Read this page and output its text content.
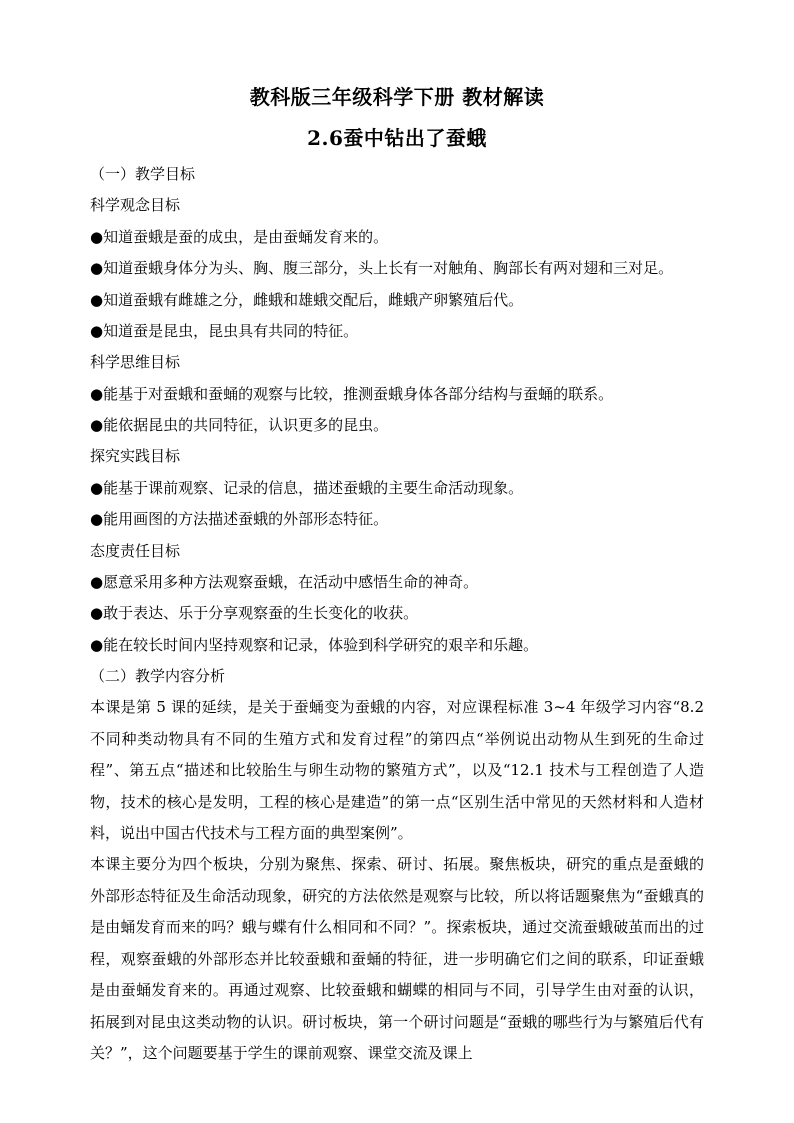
教科版三年级科学下册 教材解读
2.6蚕中钻出了蚕蛾
（一）教学目标
科学观念目标
●知道蚕蛾是蚕的成虫，是由蚕蛹发育来的。
●知道蚕蛾身体分为头、胸、腹三部分，头上长有一对触角、胸部长有两对翅和三对足。
●知道蚕蛾有雌雄之分，雌蛾和雄蛾交配后，雌蛾产卵繁殖后代。
●知道蚕是昆虫，昆虫具有共同的特征。
科学思维目标
●能基于对蚕蛾和蚕蛹的观察与比较，推测蚕蛾身体各部分结构与蚕蛹的联系。
●能依据昆虫的共同特征，认识更多的昆虫。
探究实践目标
●能基于课前观察、记录的信息，描述蚕蛾的主要生命活动现象。
●能用画图的方法描述蚕蛾的外部形态特征。
态度责任目标
●愿意采用多种方法观察蚕蛾，在活动中感悟生命的神奇。
●敢于表达、乐于分享观察蚕的生长变化的收获。
●能在较长时间内坚持观察和记录，体验到科学研究的艰辛和乐趣。
（二）教学内容分析
本课是第 5 课的延续，是关于蚕蛹变为蚕蛾的内容，对应课程标准 3~4 年级学习内容“8.2 不同种类动物具有不同的生殖方式和发育过程”的第四点“举例说出动物从生到死的生命过程”、第五点“描述和比较胎生与卵生动物的繁殖方式”，以及“12.1 技术与工程创造了人造物，技术的核心是发明，工程的核心是建造”的第一点“区别生活中常见的天然材料和人造材料，说出中国古代技术与工程方面的典型案例”。
本课主要分为四个板块，分别为聚焦、探索、研讨、拓展。聚焦板块，研究的重点是蚕蛾的外部形态特征及生命活动现象，研究的方法依然是观察与比较，所以将话题聚焦为“蚕蛾真的是由蛹发育而来的吗？蛾与蝶有什么相同和不同？”。探索板块，通过交流蚕蛾破茧而出的过程，观察蚕蛾的外部形态并比较蚕蛾和蚕蛹的特征，进一步明确它们之间的联系，印证蚕蛾是由蚕蛹发育来的。再通过观察、比较蚕蛾和蝴蝶的相同与不同，引导学生由对蚕的认识，拓展到对昆虫这类动物的认识。研讨板块，第一个研讨问题是“蚕蛾的哪些行为与繁殖后代有关？”，这个问题要基于学生的课前观察、课堂交流及课上
